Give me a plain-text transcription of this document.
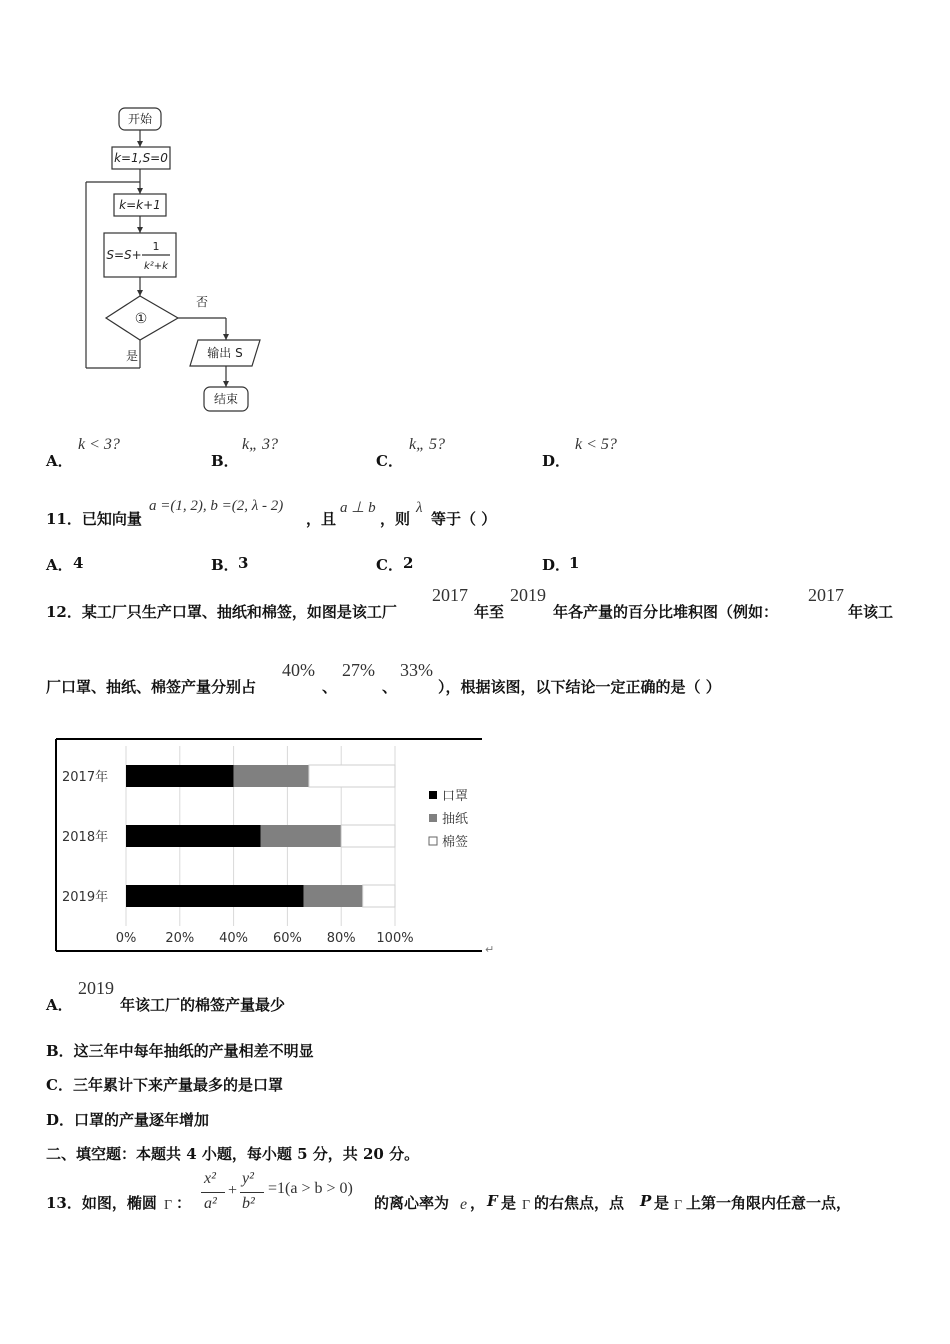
开始
k=1,S=0
k=k+1
S=S+
1
k²+k
①
否
是	输出 S
结束
A．
k < 3?
B．
k„ 3?
C．
k„ 5?
D．
k < 5?
11．已知向量
a =(1, 2), b =(2, λ - 2)
，且
a ⊥ b
，则
λ
等于（ ）
A． 4	B． 3	C． 2	D．
1
12．某工厂只生产口罩、抽纸和棉签，如图是该工厂
2017
年至
2019
年各产量的百分比堆积图（例如：
2017
年该工
厂口罩、抽纸、棉签产量分别占
40%
、
27%
、
33%
），根据该图，以下结论一定正确的是（ ）
0% 20% 40% 60% 80% 100%
2017年
2018年
2019年
口罩
抽纸
棉签
↵
A．
2019
年该工厂的棉签产量最少
B．这三年中每年抽纸的产量相差不明显
C．三年累计下来产量最多的是口罩
D．口罩的产量逐年增加
二、填空题：本题共 4 小题，每小题 5 分，共 20 分。
13．如图，椭圆 Γ ：
x²
a²
+
y²
b²
=1(a > b > 0)
的离心率为 e ， F 是 Γ 的右焦点，点 P 是 Γ 上第一角限内任意一点，
